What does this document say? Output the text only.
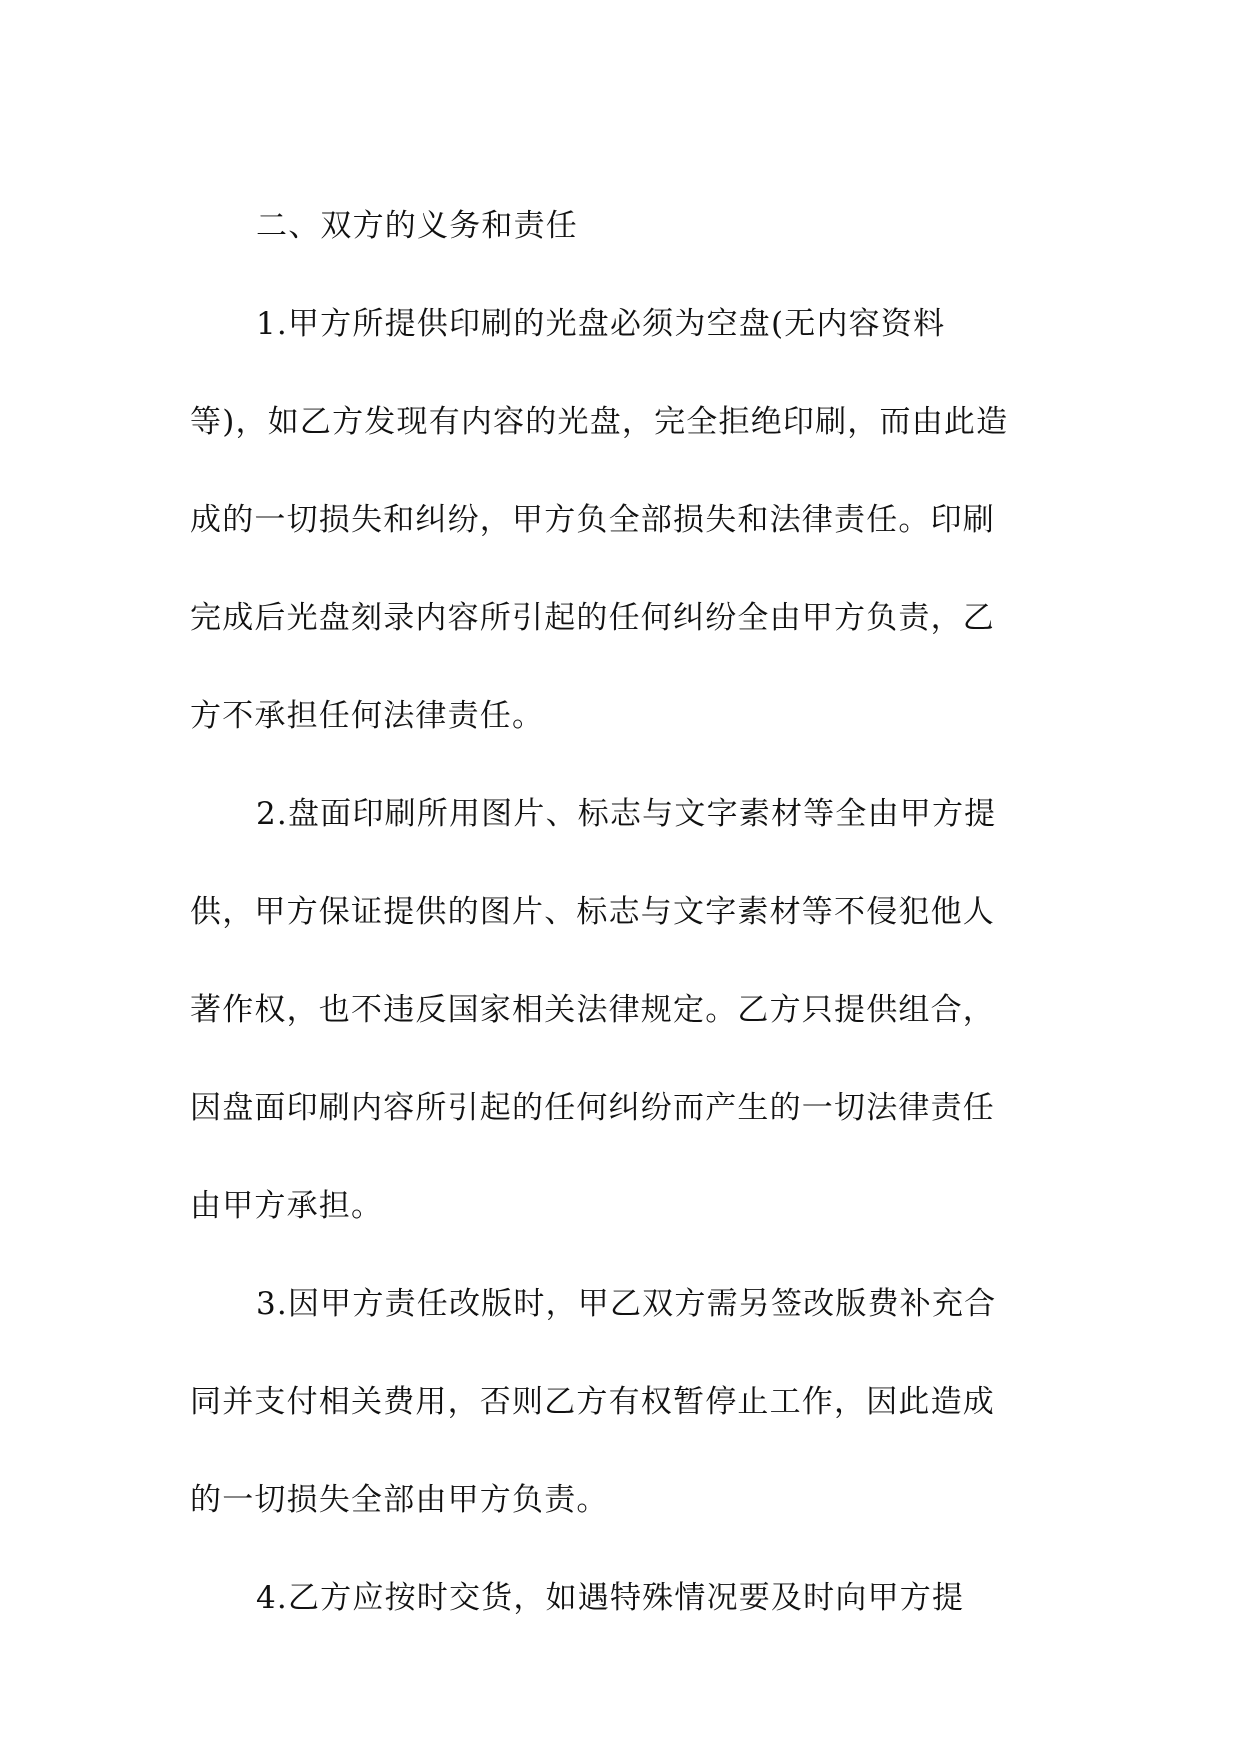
二、双方的义务和责任

1.甲方所提供印刷的光盘必须为空盘(无内容资料

等)，如乙方发现有内容的光盘，完全拒绝印刷，而由此造

成的一切损失和纠纷，甲方负全部损失和法律责任。印刷

完成后光盘刻录内容所引起的任何纠纷全由甲方负责，乙

方不承担任何法律责任。

2.盘面印刷所用图片、标志与文字素材等全由甲方提

供，甲方保证提供的图片、标志与文字素材等不侵犯他人

著作权，也不违反国家相关法律规定。乙方只提供组合，

因盘面印刷内容所引起的任何纠纷而产生的一切法律责任

由甲方承担。

3.因甲方责任改版时，甲乙双方需另签改版费补充合

同并支付相关费用，否则乙方有权暂停止工作，因此造成

的一切损失全部由甲方负责。

4.乙方应按时交货，如遇特殊情况要及时向甲方提
